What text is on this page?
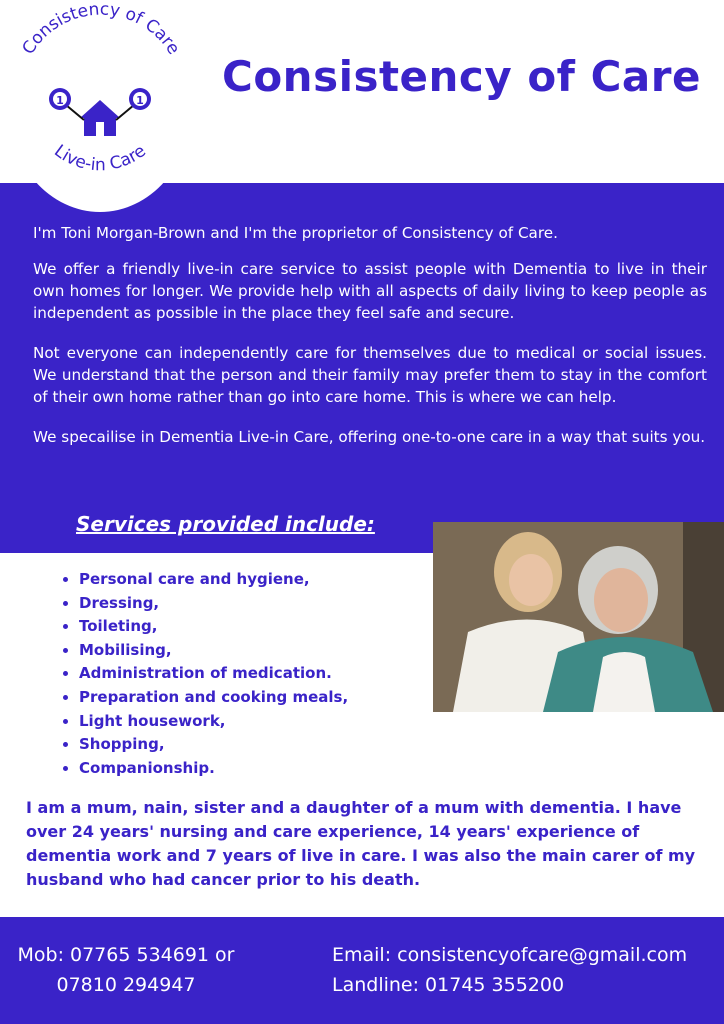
Consistency of Care
Live-in Care
1	1 Consistency of Care

I'm Toni Morgan-Brown and I'm the proprietor of Consistency of Care.

We offer a friendly live-in care service to assist people with Dementia to live in their own homes for longer. We provide help with all aspects of daily living to keep people as independent as possible in the place they feel safe and secure.

Not everyone can independently care for themselves due to medical or social issues. We understand that the person and their family may prefer them to stay in the comfort of their own home rather than go into care home. This is where we can help.

We specailise in Dementia Live-in Care, offering one-to-one care in a way that suits you.

Services provided include:
• Personal care and hygiene,
• Dressing,
• Toileting,
• Mobilising,
• Administration of medication.
• Preparation and cooking meals,
• Light housework,
• Shopping,
• Companionship.

I am a mum, nain, sister and a daughter of a mum with dementia. I have over 24 years' nursing and care experience, 14 years' experience of dementia work and 7 years of live in care. I was also the main carer of my husband who had cancer prior to his death.

Mob: 07765 534691 or
07810 294947
Email: consistencyofcare@gmail.com
Landline: 01745 355200
